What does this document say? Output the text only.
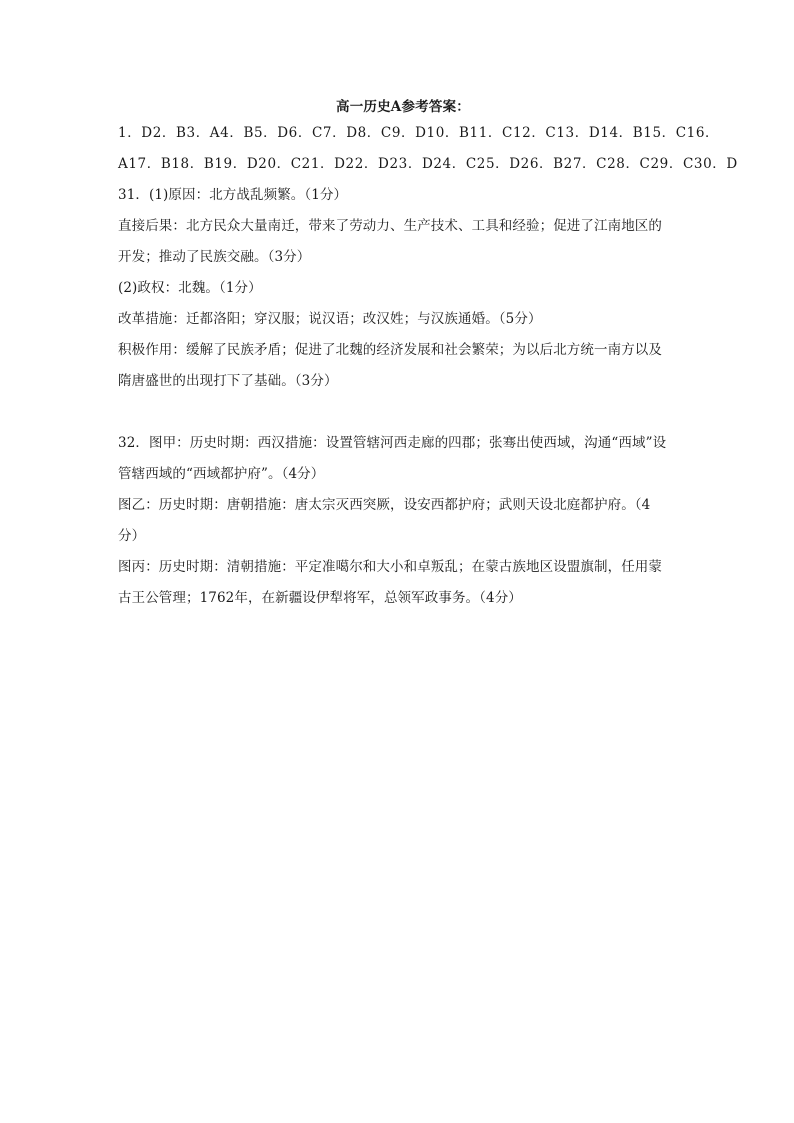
高一历史A参考答案：

1．D2．B3．A4．B5．D6．C7．D8．C9．D10．B11．C12．C13．D14．B15．C16．

A17．B18．B19．D20．C21．D22．D23．D24．C25．D26．B27．C28．C29．C30．D

31．(1)原因：北方战乱频繁。（1分）

直接后果：北方民众大量南迁，带来了劳动力、生产技术、工具和经验；促进了江南地区的

开发；推动了民族交融。（3分）

(2)政权：北魏。（1分）

改革措施：迁都洛阳；穿汉服；说汉语；改汉姓；与汉族通婚。（5分）

积极作用：缓解了民族矛盾；促进了北魏的经济发展和社会繁荣；为以后北方统一南方以及

隋唐盛世的出现打下了基础。（3分）

32．图甲：历史时期：西汉措施：设置管辖河西走廊的四郡；张骞出使西域，沟通“西域”设

管辖西域的“西域都护府”。（4分）

图乙：历史时期：唐朝措施：唐太宗灭西突厥，设安西都护府；武则天设北庭都护府。（4

分）

图丙：历史时期：清朝措施：平定准噶尔和大小和卓叛乱；在蒙古族地区设盟旗制，任用蒙

古王公管理；1762年，在新疆设伊犁将军，总领军政事务。（4分）
